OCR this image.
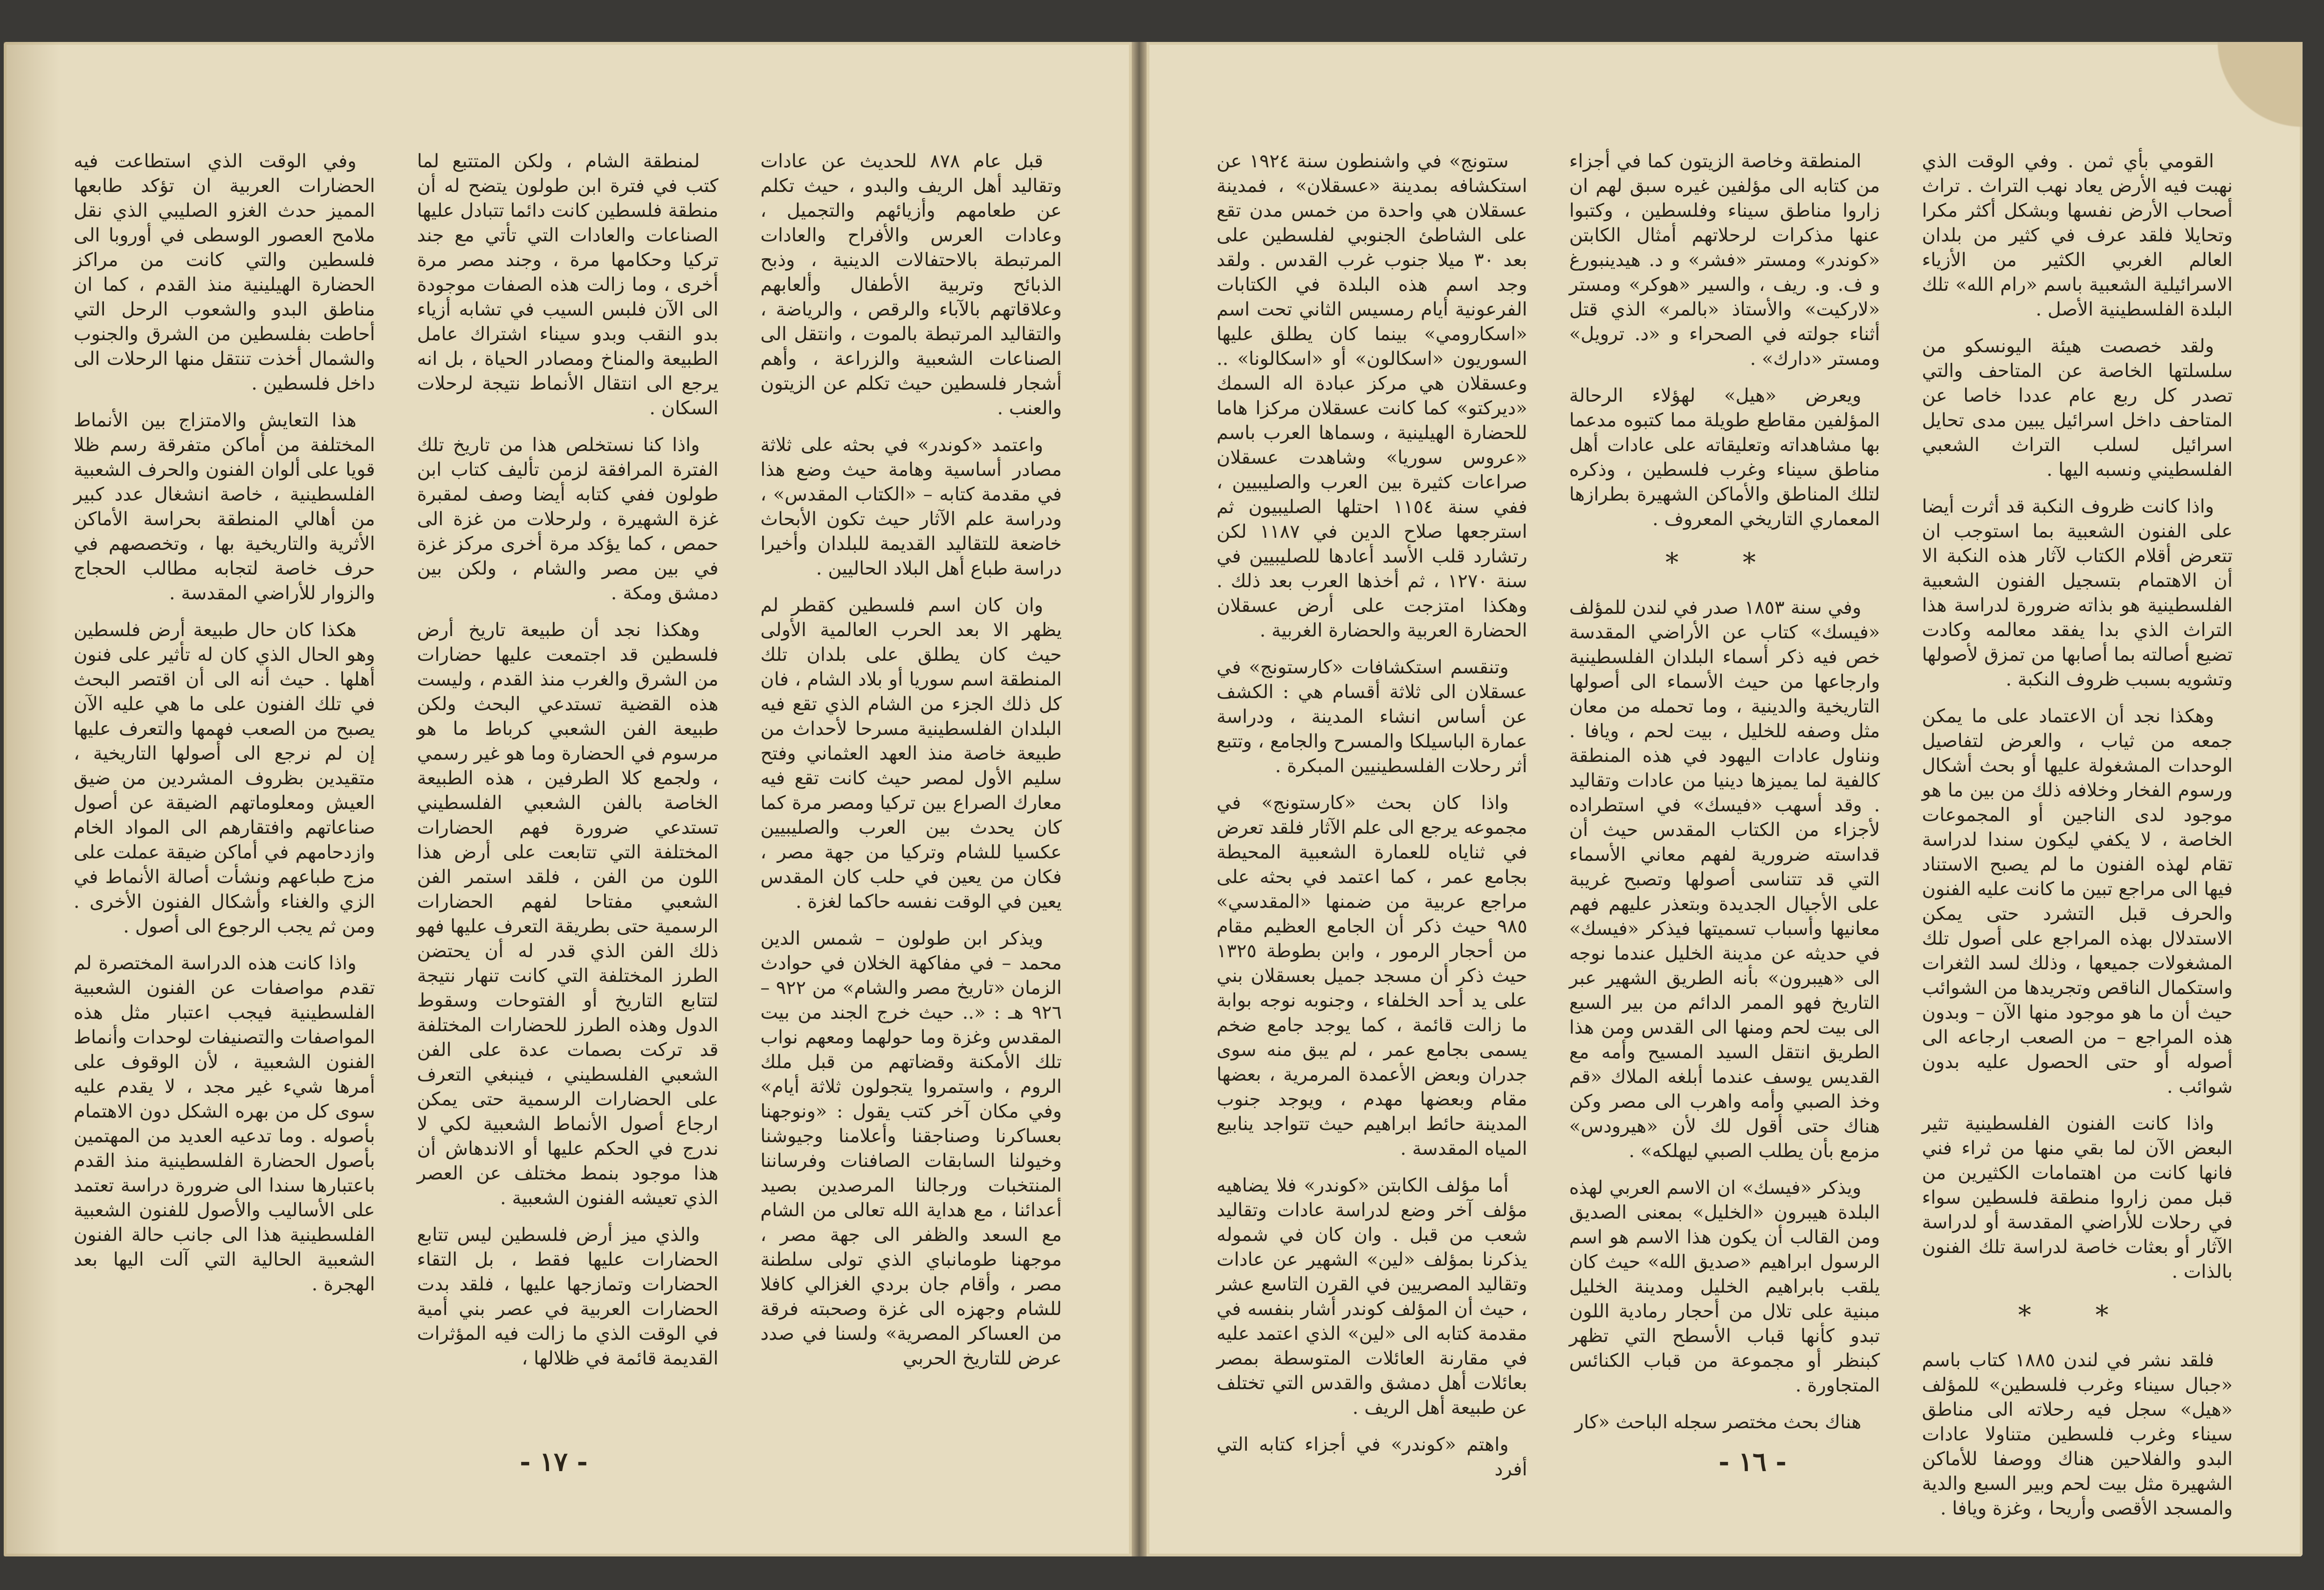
وفي الوقت الذي استطاعت فيه الحضارات العربية ان تؤكد طابعها المميز حدث الغزو الصليبي الذي نقل ملامح العصور الوسطى في أوروبا الى فلسطين والتي كانت من مراكز الحضارة الهيلينية منذ القدم ، كما ان مناطق البدو والشعوب الرحل التي أحاطت بفلسطين من الشرق والجنوب والشمال أخذت تنتقل منها الرحلات الى داخل فلسطين .

هذا التعايش والامتزاج بين الأنماط المختلفة من أماكن متفرقة رسم ظلا قويا على ألوان الفنون والحرف الشعبية الفلسطينية ، خاصة انشغال عدد كبير من أهالي المنطقة بحراسة الأماكن الأثرية والتاريخية بها ، وتخصصهم في حرف خاصة لتجابه مطالب الحجاج والزوار للأراضي المقدسة .

هكذا كان حال طبيعة أرض فلسطين وهو الحال الذي كان له تأثير على فنون أهلها . حيث أنه الى أن اقتصر البحث في تلك الفنون على ما هي عليه الآن يصبح من الصعب فهمها والتعرف عليها إن لم نرجع الى أصولها التاريخية ، متقيدين بظروف المشردين من ضيق العيش ومعلوماتهم الضيقة عن أصول صناعاتهم وافتقارهم الى المواد الخام وازدحامهم في أماكن ضيقة عملت على مزج طباعهم ونشأت أصالة الأنماط في الزي والغناء وأشكال الفنون الأخرى . ومن ثم يجب الرجوع الى أصول .

واذا كانت هذه الدراسة المختصرة لم تقدم مواصفات عن الفنون الشعبية الفلسطينية فيجب اعتبار مثل هذه المواصفات والتصنيفات لوحدات وأنماط الفنون الشعبية ، لأن الوقوف على أمرها شيء غير مجد ، لا يقدم عليه سوى كل من بهره الشكل دون الاهتمام بأصوله . وما تدعيه العديد من المهتمين بأصول الحضارة الفلسطينية منذ القدم باعتبارها سندا الى ضرورة دراسة تعتمد على الأساليب والأصول للفنون الشعبية الفلسطينية هذا الى جانب حالة الفنون الشعبية الحالية التي آلت اليها بعد الهجرة .

لمنطقة الشام ، ولكن المتتبع لما كتب في فترة ابن طولون يتضح له أن منطقة فلسطين كانت دائما تتبادل عليها الصناعات والعادات التي تأتي مع جند تركيا وحكامها مرة ، وجند مصر مرة أخرى ، وما زالت هذه الصفات موجودة الى الآن فلبس السيب في تشابه أزياء بدو النقب وبدو سيناء اشتراك عامل الطبيعة والمناخ ومصادر الحياة ، بل انه يرجع الى انتقال الأنماط نتيجة لرحلات السكان .

واذا كنا نستخلص هذا من تاريخ تلك الفترة المرافقة لزمن تأليف كتاب ابن طولون ففي كتابه أيضا وصف لمقبرة غزة الشهيرة ، ولرحلات من غزة الى حمص ، كما يؤكد مرة أخرى مركز غزة في بين مصر والشام ، ولكن بين دمشق ومكة .

وهكذا نجد أن طبيعة تاريخ أرض فلسطين قد اجتمعت عليها حضارات من الشرق والغرب منذ القدم ، وليست هذه القضية تستدعي البحث ولكن طبيعة الفن الشعبي كرباط ما هو مرسوم في الحضارة وما هو غير رسمي ، ولجمع كلا الطرفين ، هذه الطبيعة الخاصة بالفن الشعبي الفلسطيني تستدعي ضرورة فهم الحضارات المختلفة التي تتابعت على أرض هذا اللون من الفن ، فلقد استمر الفن الشعبي مفتاحا لفهم الحضارات الرسمية حتى بطريقة التعرف عليها فهو ذلك الفن الذي قدر له أن يحتضن الطرز المختلفة التي كانت تنهار نتيجة لتتابع التاريخ أو الفتوحات وسقوط الدول وهذه الطرز للحضارات المختلفة قد تركت بصمات عدة على الفن الشعبي الفلسطيني ، فينبغي التعرف على الحضارات الرسمية حتى يمكن ارجاع أصول الأنماط الشعبية لكي لا ندرج في الحكم عليها أو الاندهاش أن هذا موجود بنمط مختلف عن العصر الذي تعيشه الفنون الشعبية .

والذي ميز أرض فلسطين ليس تتابع الحضارات عليها فقط ، بل التقاء الحضارات وتمازجها عليها ، فلقد بدت الحضارات العربية في عصر بني أمية في الوقت الذي ما زالت فيه المؤثرات القديمة قائمة في ظلالها ،

قبل عام ٨٧٨ للحديث عن عادات وتقاليد أهل الريف والبدو ، حيث تكلم عن طعامهم وأزيائهم والتجميل ، وعادات العرس والأفراح والعادات المرتبطة بالاحتفالات الدينية ، وذبح الذبائح وتربية الأطفال وألعابهم وعلاقاتهم بالآباء والرقص ، والرياضة ، والتقاليد المرتبطة بالموت ، وانتقل الى الصناعات الشعبية والزراعة ، وأهم أشجار فلسطين حيث تكلم عن الزيتون والعنب .

واعتمد «كوندر» في بحثه على ثلاثة مصادر أساسية وهامة حيث وضع هذا في مقدمة كتابه – «الكتاب المقدس» ، ودراسة علم الآثار حيث تكون الأبحاث خاضعة للتقاليد القديمة للبلدان وأخيرا دراسة طباع أهل البلاد الحاليين .

وان كان اسم فلسطين كقطر لم يظهر الا بعد الحرب العالمية الأولى حيث كان يطلق على بلدان تلك المنطقة اسم سوريا أو بلاد الشام ، فان كل ذلك الجزء من الشام الذي تقع فيه البلدان الفلسطينية مسرحا لأحداث من طبيعة خاصة منذ العهد العثماني وفتح سليم الأول لمصر حيث كانت تقع فيه معارك الصراع بين تركيا ومصر مرة كما كان يحدث بين العرب والصليبيين عكسيا للشام وتركيا من جهة مصر ، فكان من يعين في حلب كان المقدس يعين في الوقت نفسه حاكما لغزة .

ويذكر ابن طولون – شمس الدين محمد – في مفاكهة الخلان في حوادث الزمان «تاريخ مصر والشام» من ٩٢٢ – ٩٢٦ هـ : «.. حيث خرج الجند من بيت المقدس وغزة وما حولهما ومعهم نواب تلك الأمكنة وقضاتهم من قبل ملك الروم ، واستمروا يتجولون ثلاثة أيام» وفي مكان آخر كتب يقول : «ونوجهنا بعساكرنا وصناجقنا وأعلامنا وجيوشنا وخيولنا السابقات الصافنات وفرساننا المنتخبات ورجالنا المرصدين بصيد أعدائنا ، مع هداية الله تعالى من الشام مع السعد والظفر الى جهة مصر ، موجهنا طومانباي الذي تولى سلطنة مصر ، وأقام جان بردي الغزالي كافلا للشام وجهزه الى غزة وصحبته فرقة من العساكر المصرية» ولسنا في صدد عرض للتاريخ الحربي

- ١٧ -

ستونج» في واشنطون سنة ١٩٢٤ عن استكشافه بمدينة «عسقلان» ، فمدينة عسقلان هي واحدة من خمس مدن تقع على الشاطئ الجنوبي لفلسطين على بعد ٣٠ ميلا جنوب غرب القدس . ولقد وجد اسم هذه البلدة في الكتابات الفرعونية أيام رمسيس الثاني تحت اسم «اسكارومي» بينما كان يطلق عليها السوريون «اسكالون» أو «اسكالونا» .. وعسقلان هي مركز عبادة اله السمك «ديركتو» كما كانت عسقلان مركزا هاما للحضارة الهيلينية ، وسماها العرب باسم «عروس سوريا» وشاهدت عسقلان صراعات كثيرة بين العرب والصليبيين ، ففي سنة ١١٥٤ احتلها الصليبيون ثم استرجعها صلاح الدين في ١١٨٧ لكن رتشارد قلب الأسد أعادها للصليبيين في سنة ١٢٧٠ ، ثم أخذها العرب بعد ذلك . وهكذا امتزجت على أرض عسقلان الحضارة العربية والحضارة الغربية .

وتنقسم استكشافات «كارستونج» في عسقلان الى ثلاثة أقسام هي : الكشف عن أساس انشاء المدينة ، ودراسة عمارة الباسيلكا والمسرح والجامع ، وتتبع أثر رحلات الفلسطينيين المبكرة .

واذا كان بحث «كارستونج» في مجموعه يرجع الى علم الآثار فلقد تعرض في ثناياه للعمارة الشعبية المحيطة بجامع عمر ، كما اعتمد في بحثه على مراجع عربية من ضمنها «المقدسي» ٩٨٥ حيث ذكر أن الجامع العظيم مقام من أحجار الرمور ، وابن بطوطة ١٣٢٥ حيث ذكر أن مسجد جميل بعسقلان بني على يد أحد الخلفاء ، وجنوبه نوجه بوابة ما زالت قائمة ، كما يوجد جامع ضخم يسمى بجامع عمر ، لم يبق منه سوى جدران وبعض الأعمدة المرمرية ، بعضها مقام وبعضها مهدم ، ويوجد جنوب المدينة حائط ابراهيم حيث تتواجد ينابيع المياه المقدسة .

أما مؤلف الكابتن «كوندر» فلا يضاهيه مؤلف آخر وضع لدراسة عادات وتقاليد شعب من قبل . وان كان في شموله يذكرنا بمؤلف «لين» الشهير عن عادات وتقاليد المصريين في القرن التاسع عشر ، حيث أن المؤلف كوندر أشار بنفسه في مقدمة كتابه الى «لين» الذي اعتمد عليه في مقارنة العائلات المتوسطة بمصر بعائلات أهل دمشق والقدس التي تختلف عن طبيعة أهل الريف .

واهتم «كوندر» في أجزاء كتابه التي أفرد

المنطقة وخاصة الزيتون كما في أجزاء من كتابه الى مؤلفين غيره سبق لهم ان زاروا مناطق سيناء وفلسطين ، وكتبوا عنها مذكرات لرحلاتهم أمثال الكابتن «كوندر» ومستر «فشر» و د. هيدينبورغ و ف. و. ريف ، والسير «هوكر» ومستر «لاركيت» والأستاذ «بالمر» الذي قتل أثناء جولته في الصحراء و «د. ترويل» ومستر «دارك» .

ويعرض «هيل» لهؤلاء الرحالة المؤلفين مقاطع طويلة مما كتبوه مدعما بها مشاهداته وتعليقاته على عادات أهل مناطق سيناء وغرب فلسطين ، وذكره لتلك المناطق والأماكن الشهيرة بطرازها المعماري التاريخي المعروف .

* *

وفي سنة ١٨٥٣ صدر في لندن للمؤلف «فيسك» كتاب عن الأراضي المقدسة خص فيه ذكر أسماء البلدان الفلسطينية وارجاعها من حيث الأسماء الى أصولها التاريخية والدينية ، وما تحمله من معان مثل وصفه للخليل ، بيت لحم ، ويافا . ونناول عادات اليهود في هذه المنطقة كالفية لما يميزها دينيا من عادات وتقاليد . وقد أسهب «فيسك» في استطراده لأجزاء من الكتاب المقدس حيث أن قداسته ضرورية لفهم معاني الأسماء التي قد تتناسى أصولها وتصبح غريبة على الأجيال الجديدة وبتعذر عليهم فهم معانيها وأسباب تسميتها فيذكر «فيسك» في حديثه عن مدينة الخليل عندما نوجه الى «هيبرون» بأنه الطريق الشهير عبر التاريخ فهو الممر الدائم من بير السبع الى بيت لحم ومنها الى القدس ومن هذا الطريق انتقل السيد المسيح وأمه مع القديس يوسف عندما أبلغه الملاك «قم وخذ الصبي وأمه واهرب الى مصر وكن هناك حتى أقول لك لأن «هيرودس» مزمع بأن يطلب الصبي ليهلكه» .

ويذكر «فيسك» ان الاسم العربي لهذه البلدة هيبرون «الخليل» بمعنى الصديق ومن القالب أن يكون هذا الاسم هو اسم الرسول ابراهيم «صديق الله» حيث كان يلقب بابراهيم الخليل ومدينة الخليل مبنية على تلال من أحجار رمادية اللون تبدو كأنها قباب الأسطح التي تظهر كبنظر أو مجموعة من قباب الكنائس المتجاورة .

هناك بحث مختصر سجله الباحث «كار

القومي بأي ثمن . وفي الوقت الذي نهبت فيه الأرض يعاد نهب التراث . تراث أصحاب الأرض نفسها وبشكل أكثر مكرا وتحايلا فلقد عرف في كثير من بلدان العالم الغربي الكثير من الأزياء الاسرائيلية الشعبية باسم «رام الله» تلك البلدة الفلسطينية الأصل .

ولقد خصصت هيئة اليونسكو من سلسلتها الخاصة عن المتاحف والتي تصدر كل ربع عام عددا خاصا عن المتاحف داخل اسرائيل يبين مدى تحايل اسرائيل لسلب التراث الشعبي الفلسطيني ونسبه اليها .

واذا كانت ظروف النكبة قد أثرت أيضا على الفنون الشعبية بما استوجب ان تتعرض أقلام الكتاب لآثار هذه النكبة الا أن الاهتمام بتسجيل الفنون الشعبية الفلسطينية هو بذاته ضرورة لدراسة هذا التراث الذي بدا يفقد معالمه وكادت تضيع أصالته بما أصابها من تمزق لأصولها وتشويه بسبب ظروف النكبة .

وهكذا نجد أن الاعتماد على ما يمكن جمعه من ثياب ، والعرض لتفاصيل الوحدات المشغولة عليها أو بحث أشكال ورسوم الفخار وخلافه ذلك من بين ما هو موجود لدى الناجين أو المجموعات الخاصة ، لا يكفي ليكون سندا لدراسة تقام لهذه الفنون ما لم يصبح الاستناد فيها الى مراجع تبين ما كانت عليه الفنون والحرف قبل التشرد حتى يمكن الاستدلال بهذه المراجع على أصول تلك المشغولات جميعها ، وذلك لسد الثغرات واستكمال الناقص وتجريدها من الشوائب حيث أن ما هو موجود منها الآن – وبدون هذه المراجع – من الصعب ارجاعه الى أصوله أو حتى الحصول عليه بدون شوائب .

واذا كانت الفنون الفلسطينية تثير البعض الآن لما بقي منها من ثراء فني فانها كانت من اهتمامات الكثيرين من قبل ممن زاروا منطقة فلسطين سواء في رحلات للأراضي المقدسة أو لدراسة الآثار أو بعثات خاصة لدراسة تلك الفنون بالذات .

* *

فلقد نشر في لندن ١٨٨٥ كتاب باسم «جبال سيناء وغرب فلسطين» للمؤلف «هيل» سجل فيه رحلاته الى مناطق سيناء وغرب فلسطين متناولا عادات البدو والفلاحين هناك ووصفا للأماكن الشهيرة مثل بيت لحم وبير السبع والدية والمسجد الأقصى وأريحا ، وغزة ويافا .

- ١٦ -
